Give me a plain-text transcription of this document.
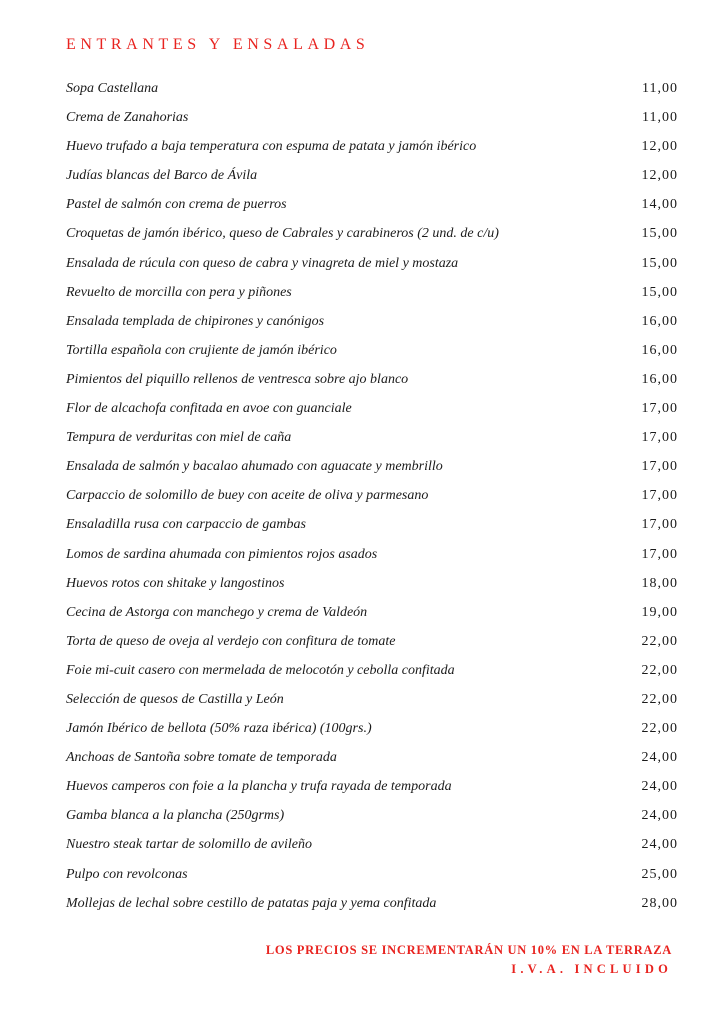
ENTRANTES Y ENSALADAS
Sopa Castellana	11,00
Crema de Zanahorias	11,00
Huevo trufado a baja temperatura con espuma de patata y jamón ibérico	12,00
Judías blancas del Barco de Ávila	12,00
Pastel de salmón con crema de puerros	14,00
Croquetas de jamón ibérico, queso de Cabrales y carabineros (2 und. de c/u)	15,00
Ensalada de rúcula con queso de cabra y vinagreta de miel y mostaza	15,00
Revuelto de morcilla con pera y piñones	15,00
Ensalada templada de chipirones y canónigos	16,00
Tortilla española con crujiente de jamón ibérico	16,00
Pimientos del piquillo rellenos de ventresca sobre ajo blanco	16,00
Flor de alcachofa confitada en avoe con guanciale	17,00
Tempura de verduritas con miel de caña	17,00
Ensalada de salmón y bacalao ahumado con aguacate y membrillo	17,00
Carpaccio de solomillo de buey con aceite de oliva y parmesano	17,00
Ensaladilla rusa con carpaccio de gambas	17,00
Lomos de sardina ahumada con pimientos rojos asados	17,00
Huevos rotos con shitake y langostinos	18,00
Cecina de Astorga con manchego y crema de Valdeón	19,00
Torta de queso de oveja al verdejo con confitura de tomate	22,00
Foie mi-cuit casero con mermelada de melocotón y cebolla confitada	22,00
Selección de quesos de Castilla y León	22,00
Jamón Ibérico de bellota (50% raza ibérica) (100grs.)	22,00
Anchoas de Santoña sobre tomate de temporada	24,00
Huevos camperos con foie a la plancha y trufa rayada de temporada	24,00
Gamba blanca a la plancha (250grms)	24,00
Nuestro steak tartar de solomillo de avileño	24,00
Pulpo con revolconas	25,00
Mollejas de lechal sobre cestillo de patatas paja y yema confitada	28,00
LOS PRECIOS SE INCREMENTARÁN UN 10% EN LA TERRAZA
I.V.A. INCLUIDO
